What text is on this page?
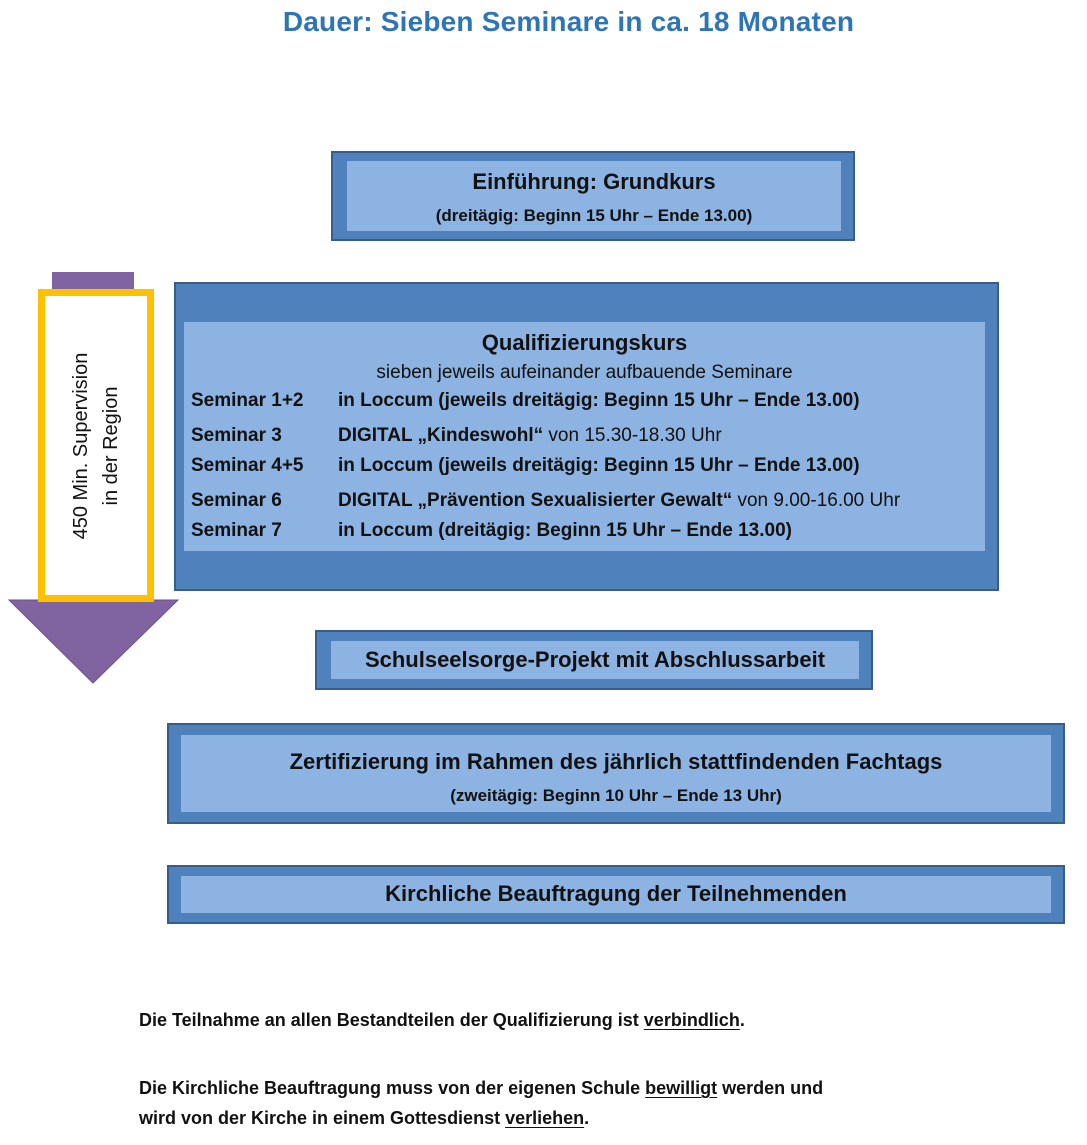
Dauer: Sieben Seminare in ca. 18 Monaten
Einführung: Grundkurs
(dreitägig: Beginn 15 Uhr – Ende 13.00)
Qualifizierungskurs
sieben jeweils aufeinander aufbauende Seminare
Seminar 1+2 in Loccum (jeweils dreitägig: Beginn 15 Uhr – Ende 13.00)
Seminar 3	DIGITAL „Kindeswohl“ von 15.30-18.30 Uhr
Seminar 4+5 in Loccum (jeweils dreitägig: Beginn 15 Uhr – Ende 13.00)
Seminar 6	DIGITAL „Prävention Sexualisierter Gewalt“ von 9.00-16.00 Uhr
Seminar 7	in Loccum (dreitägig: Beginn 15 Uhr – Ende 13.00)
450 Min. Supervision in der Region
Schulseelsorge-Projekt mit Abschlussarbeit
Zertifizierung im Rahmen des jährlich stattfindenden Fachtags
(zweitägig: Beginn 10 Uhr – Ende 13 Uhr)
Kirchliche Beauftragung der Teilnehmenden
Die Teilnahme an allen Bestandteilen der Qualifizierung ist verbindlich.
Die Kirchliche Beauftragung muss von der eigenen Schule bewilligt werden und
wird von der Kirche in einem Gottesdienst verliehen.
